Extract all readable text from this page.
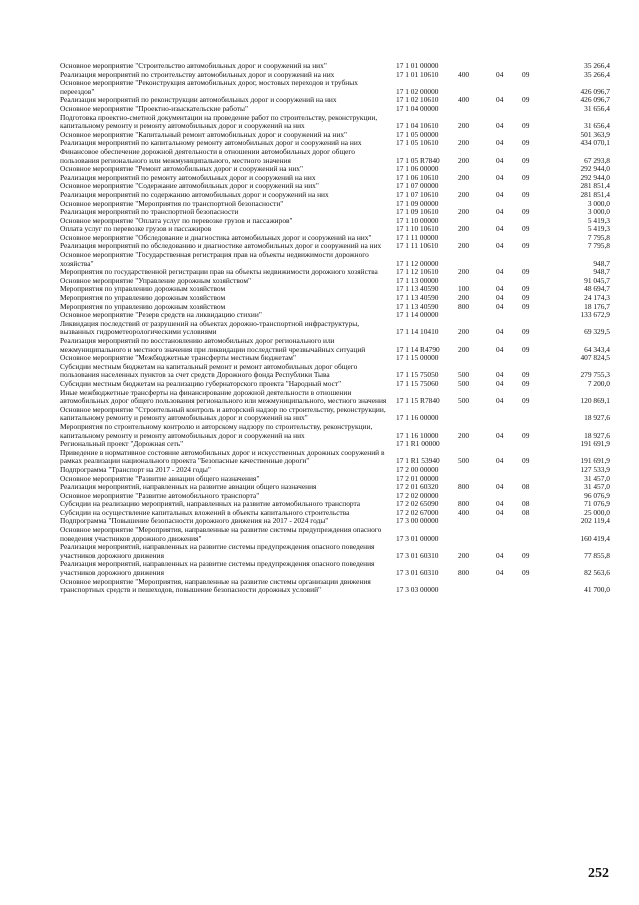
Основное мероприятие "Строительство автомобильных дорог и сооружений на них"	17 1 01 00000	35 266,4
Реализация мероприятий по строительству автомобильных дорог и сооружений на них	17 1 01 10610	400	04	09	35 266,4
Основное мероприятие "Реконструкция автомобильных дорог, мостовых переходов и трубных переездов"	17 1 02 00000	426 096,7
Реализация мероприятий по реконструкции автомобильных дорог и сооружений на них	17 1 02 10610	400	04	09	426 096,7
Основное мероприятие "Проектно-изыскательские работы"	17 1 04 00000	31 656,4
Подготовка проектно-сметной документации на проведение работ по строительству, реконструкции, капитальному ремонту и ремонту автомобильных дорог и сооружений на них	17 1 04 10610	200	04	09	31 656,4
Основное мероприятие "Капитальный ремонт автомобильных дорог и сооружений на них"	17 1 05 00000	501 363,9
Реализация мероприятий по капитальному ремонту автомобильных дорог и сооружений на них	17 1 05 10610	200	04	09	434 070,1
Финансовое обеспечение дорожной деятельности в отношении автомобильных дорог общего пользования регионального или межмуниципального, местного значения	17 1 05 R7840 200	04	09	67 293,8
Основное мероприятие "Ремонт автомобильных дорог и сооружений на них"	17 1 06 00000	292 944,0
Реализация мероприятий по ремонту автомобильных дорог и сооружений на них	17 1 06 10610	200	04	09	292 944,0
Основное мероприятие "Содержание автомобильных дорог и сооружений на них"	17 1 07 00000	281 851,4
Реализация мероприятий по содержанию автомобильных дорог и сооружений на них	17 1 07 10610	200	04	09	281 851,4
Основное мероприятие "Мероприятия по транспортной безопасности"	17 1 09 00000	3 000,0
Реализация мероприятий по транспортной безопасности	17 1 09 10610	200	04	09	3 000,0
Основное мероприятие "Оплата услуг по перевозке грузов и пассажиров"	17 1 10 00000	5 419,3
Оплата услуг по перевозке грузов и пассажиров	17 1 10 10610	200	04	09	5 419,3
Основное мероприятие "Обследование и диагностика автомобильных дорог и сооружений на них"	17 1 11 00000	7 795,8
Реализация мероприятий по обследованию и диагностике автомобильных дорог и сооружений на них	17 1 11 10610	200	04	09	7 795,8
Основное мероприятие "Государственная регистрация прав на объекты недвижимости дорожного хозяйства"	17 1 12 00000	948,7
Мероприятия по государственной регистрации прав на объекты недвижимости дорожного хозяйства	17 1 12 10610	200	04	09	948,7
Основное мероприятие "Управление дорожным хозяйством"	17 1 13 00000	91 045,7
Мероприятия по управлению дорожным хозяйством	17 1 13 40590	100	04	09	48 694,7
Мероприятия по управлению дорожным хозяйством	17 1 13 40590	200	04	09	24 174,3
Мероприятия по управлению дорожным хозяйством	17 1 13 40590	800	04	09	18 176,7
Основное мероприятие "Резерв средств на ликвидацию стихии"	17 1 14 00000	133 672,9
Ликвидация последствий от разрушений на объектах дорожно-транспортной инфраструктуры, вызванных гидрометеорологическими условиями	17 1 14 10410	200	04	09	69 329,5
Реализация мероприятий по восстановлению автомобильных дорог регионального или межмуниципального и местного значения при ликвидации последствий чрезвычайных ситуаций	17 1 14 R4790 200	04	09	64 343,4
Основное мероприятие "Межбюджетные трансферты местным бюджетам"	17 1 15 00000	407 824,5
Субсидии местным бюджетам на капитальный ремонт и ремонт автомобильных дорог общего пользования населенных пунктов за счет средств Дорожного фонда Республики Тыва	17 1 15 75050	500	04	09	279 755,3
Субсидии местным бюджетам на реализацию губернаторского проекта "Народный мост"	17 1 15 75060	500	04	09	7 200,0
Иные межбюджетные трансферты на финансирование дорожной деятельности в отношении автомобильных дорог общего пользования регионального или межмуниципального, местного значения 17 1 15 R7840 500	04	09	120 869,1
Основное мероприятие "Строительный контроль и авторский надзор по строительству, реконструкции, капитальному ремонту и ремонту автомобильных дорог и сооружений на них"	17 1 16 00000	18 927,6
Мероприятия по строительному контролю и авторскому надзору по строительству, реконструкции, капитальному ремонту и ремонту автомобильных дорог и сооружений на них	17 1 16 10000	200	04	09	18 927,6
Региональный проект "Дорожная сеть"	17 1 R1 00000	191 691,9
Приведение в нормативное состояние автомобильных дорог и искусственных дорожных сооружений в рамках реализации национального проекта "Безопасные качественные дороги"	17 1 R1 53940 500	04	09	191 691,9
Подпрограмма "Транспорт на 2017 - 2024 годы"	17 2 00 00000	127 533,9
Основное мероприятие "Развитие авиации общего назначения"	17 2 01 00000	31 457,0
Реализация мероприятий, направленных на развитие авиации общего назначения	17 2 01 60320	800	04	08	31 457,0
Основное мероприятие "Развитие автомобильного транспорта"	17 2 02 00000	96 076,9
Субсидии на реализацию мероприятий, направленных на развитие автомобильного транспорта	17 2 02 65090	800	04	08	71 076,9
Субсидии на осуществление капитальных вложений в объекты капитального строительства	17 2 02 67000	400	04	08	25 000,0
Подпрограмма "Повышение безопасности дорожного движения на 2017 - 2024 годы"	17 3 00 00000	202 119,4
Основное мероприятие "Мероприятия, направленные на развитие системы предупреждения опасного поведения участников дорожного движения"	17 3 01 00000	160 419,4
Реализация мероприятий, направленных на развитие системы предупреждения опасного поведения участников дорожного движения	17 3 01 60310	200	04	09	77 855,8
Реализация мероприятий, направленных на развитие системы предупреждения опасного поведения участников дорожного движения	17 3 01 60310	800	04	09	82 563,6
Основное мероприятие "Мероприятия, направленные на развитие системы организации движения транспортных средств и пешеходов, повышение безопасности дорожных условий"	17 3 03 00000	41 700,0
252
